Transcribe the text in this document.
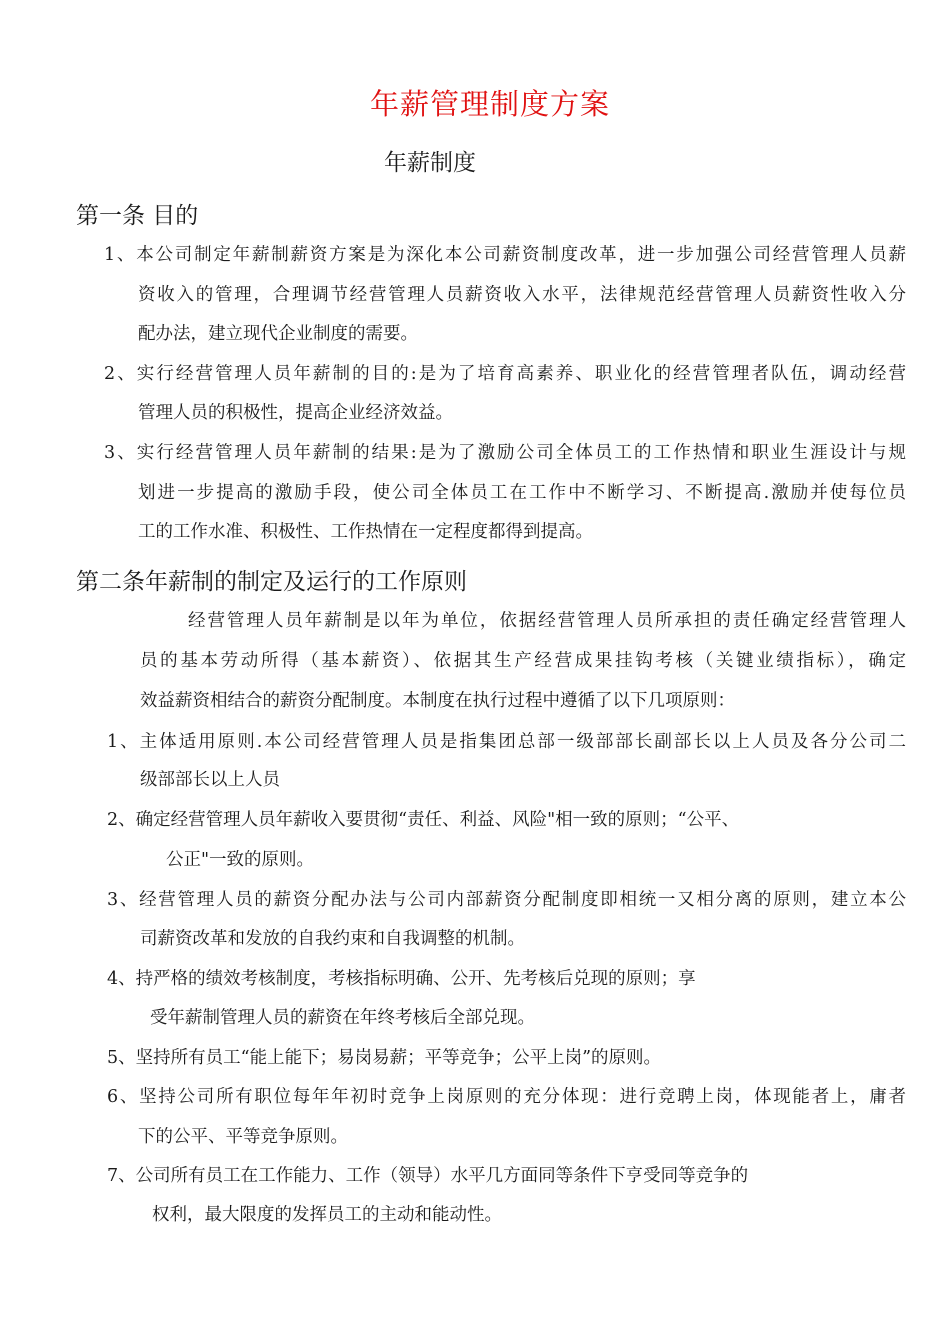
年薪管理制度方案
年薪制度
第一条 目的
1、本公司制定年薪制薪资方案是为深化本公司薪资制度改革，进一步加强公司经营管理人员薪
资收入的管理，合理调节经营管理人员薪资收入水平，法律规范经营管理人员薪资性收入分
配办法，建立现代企业制度的需要。
2、实行经营管理人员年薪制的目的:是为了培育高素养、职业化的经营管理者队伍，调动经营
管理人员的积极性，提高企业经济效益。
3、实行经营管理人员年薪制的结果:是为了激励公司全体员工的工作热情和职业生涯设计与规
划进一步提高的激励手段，使公司全体员工在工作中不断学习、不断提高.激励并使每位员
工的工作水准、积极性、工作热情在一定程度都得到提高。
第二条年薪制的制定及运行的工作原则
经营管理人员年薪制是以年为单位，依据经营管理人员所承担的责任确定经营管理人
员的基本劳动所得（基本薪资）、依据其生产经营成果挂钩考核（关键业绩指标），确定
效益薪资相结合的薪资分配制度。本制度在执行过程中遵循了以下几项原则：
1、主体适用原则.本公司经营管理人员是指集团总部一级部部长副部长以上人员及各分公司二
级部部长以上人员
2、确定经营管理人员年薪收入要贯彻“责任、利益、风险"相一致的原则；“公平、
公正"一致的原则。
3、经营管理人员的薪资分配办法与公司内部薪资分配制度即相统一又相分离的原则，建立本公
司薪资改革和发放的自我约束和自我调整的机制。
4、持严格的绩效考核制度，考核指标明确、公开、先考核后兑现的原则；享
受年薪制管理人员的薪资在年终考核后全部兑现。
5、坚持所有员工“能上能下；易岗易薪；平等竞争；公平上岗”的原则。
6、坚持公司所有职位每年年初时竞争上岗原则的充分体现：进行竞聘上岗，体现能者上，庸者
下的公平、平等竞争原则。
7、公司所有员工在工作能力、工作（领导）水平几方面同等条件下亨受同等竞争的
权利，最大限度的发挥员工的主动和能动性。
